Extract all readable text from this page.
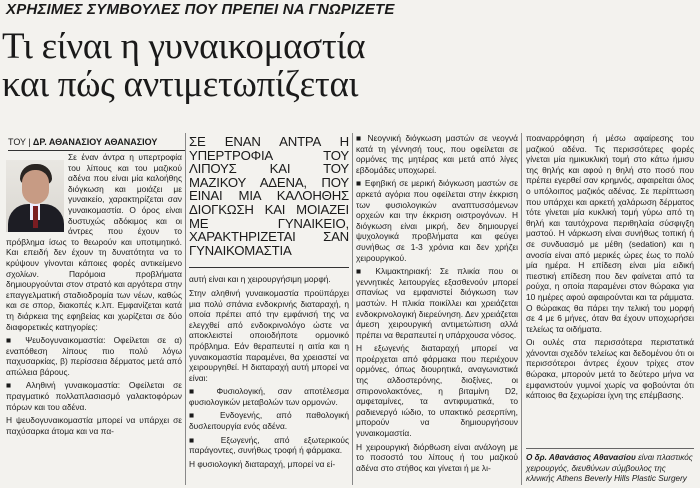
ΧΡΗΣΙΜΕΣ ΣΥΜΒΟΥΛΕΣ ΠΟΥ ΠΡΕΠΕΙ ΝΑ ΓΝΩΡΙΖΕΤΕ
Τι είναι η γυναικομαστία
και πώς αντιμετωπίζεται
ΤΟΥ | ΔΡ. ΑΘΑΝΑΣΙΟΥ ΑΘΑΝΑΣΙΟΥ

Σε έναν άντρα η υπερτροφία του λίπους και του μαζικού αδένα που είναι μία καλοήθης διόγκωση και μοιάζει με γυναικείο, χαρακτηρίζεται σαν γυναικομαστία. Ο όρος είναι δυστυχώς αδόκιμος και οι άντρες που έχουν το πρόβλημα ίσως το θεωρούν και υποτιμητικό. Και επειδή δεν έχουν τη δυνατότητα να το κρύψουν γίνονται κάποιες φορές αντικείμενο σχολίων. Παρόμοια προβλήματα δημιουργούνται στον στρατό και αργότερα στην επαγγελματική σταδιοδρομία των νέων, καθώς και σε σπορ, διακοπές κ.λπ. Εμφανίζεται κατά τη διάρκεια της εφηβείας και χωρίζεται σε δύο διαφορετικές κατηγορίες:

■ Ψευδογυναικομαστία: Οφείλεται σε α) εναπόθεση λίπους πιο πολύ λόγω παχυσαρκίας, β) περίσσεια δέρματος μετά από απώλεια βάρους.

■ Αληθινή γυναικομαστία: Οφείλεται σε πραγματικό πολλαπλασιασμό γαλακτοφόρων πόρων και του αδένα.

Η ψευδογυναικομαστία μπορεί να υπάρχει σε παχύσαρκα άτομα και να πα-

ΣΕ ΕΝΑΝ ΑΝΤΡΑ Η ΥΠΕΡΤΡΟΦΙΑ ΤΟΥ ΛΙΠΟΥΣ ΚΑΙ ΤΟΥ ΜΑΖΙΚΟΥ ΑΔΕΝΑ, ΠΟΥ ΕΙΝΑΙ ΜΙΑ ΚΑΛΟΗΘΗΣ ΔΙΟΓΚΩΣΗ ΚΑΙ ΜΟΙΑΖΕΙ ΜΕ ΓΥΝΑΙΚΕΙΟ, ΧΑΡΑΚΤΗΡΙΖΕΤΑΙ ΣΑΝ ΓΥΝΑΙΚΟΜΑΣΤΙΑ

αυτή είναι και η χειρουργήσιμη μορφή.

Στην αληθινή γυναικομαστία προϋπάρχει μια πολύ σπάνια ενδοκρινής διαταραχή, η οποία πρέπει από την εμφάνισή της να ελεγχθεί από ενδοκρινολόγο ώστε να αποκλειστεί οποιοδήποτε ορμονικό πρόβλημα. Εάν θεραπευτεί η αιτία και η γυναικομαστία παραμένει, θα χρειαστεί να χειρουργηθεί. Η διαταραχή αυτή μπορεί να είναι:

■ Φυσιολογική, σαν αποτέλεσμα φυσιολογικών μεταβολών των ορμονών.

■ Ενδογενής, από παθολογική δυσλειτουργία ενός αδένα.

■ Εξωγενής, από εξωτερικούς παράγοντες, συνήθως τροφή ή φάρμακα.

Η φυσιολογική διαταραχή, μπορεί να εί-

■ Νεογνική διόγκωση μαστών σε νεογνά κατά τη γέννησή τους, που οφείλεται σε ορμόνες της μητέρας και μετά από λίγες εβδομάδες υποχωρεί.

■ Εφηβική σε μερική διόγκωση μαστών σε αρκετά αγόρια που οφείλεται στην έκκριση των φυσιολογικών αναπτυσσόμενων ορχεών και την έκκριση οιστρογόνων. Η διόγκωση είναι μικρή, δεν δημιουργεί ψυχολογικά προβλήματα και φεύγει συνήθως σε 1-3 χρόνια και δεν χρήζει χειρουργικού.

■ Κλιμακτηριακή: Σε πλικία που οι γεννητικές λειτουργίες εξασθενούν μπορεί σπανίως να εμφανιστεί διόγκωση των μαστών. Η πλικία ποικίλλει και χρειάζεται ενδοκρινολογική διερεύνηση. Δεν χρειάζεται άμεση χειρουργική αντιμετώπιση αλλά πρέπει να θεραπευτεί η υπάρχουσα νόσος.

Η εξωγενής διαταραχή μπορεί να προέρχεται από φάρμακα που περιέχουν ορμόνες, όπως διουρητικά, αναγωνιστικά της αλδοστερόνης, διοξίνες, οι σπιρονολακτόνες, η βιταμίνη D2, αμφεταμίνες, τα αντιφυματικά, το ραδιενεργό ιώδιο, το υπακτικό ρεσερπίνη, μπορούν να δημιουργήσουν γυναικομαστία.

Η χειρουργική διόρθωση είναι ανάλογη με το ποσοστό του λίπους ή του μαζικού αδένα στο στήθος και γίνεται ή με λι-

ποαναρρόφηση ή μέσω αφαίρεσης του μαζικού αδένα. Τις περισσότερες φορές γίνεται μία ημικυκλική τομή στο κάτω ήμισυ της θηλής και αφού η θηλή στο ποσό που πρέπει εγερθεί σαν κρημνός, αφαιρείται όλος ο υπόλοιπος μαζικός αδένας. Σε περίπτωση που υπάρχει και αρκετή χαλάρωση δέρματος τότε γίνεται μία κυκλική τομή γύρω από τη θηλή και ταυτόχρονα περιθηλαία σύσφιγξη μαστού. Η νάρκωση είναι συνήθως τοπική ή σε συνδυασμό με μέθη (sedation) και η ανοσία είναι από μερικές ώρες έως το πολύ μία ημέρα. Η επίδεση είναι μία ειδική πιεστική επίδεση που δεν φαίνεται από τα ρούχα, η οποία παραμένει στον θώρακα για 10 ημέρες αφού αφαιρούνται και τα ράμματα. Ο θώρακας θα πάρει την τελική του μορφή σε 4 με 6 μήνες, όταν θα έχουν υποχωρήσει τελείως τα οιδήματα.

Οι ουλές στα περισσότερα περιστατικά χάνονται σχεδόν τελείως και δεδομένου ότι οι περισσότεροι άντρες έχουν τρίχες στον θώρακα, μπορούν μετά το δεύτερο μήνα να εμφανιστούν γυμνοί χωρίς να φοβούνται ότι κάποιος θα ξεχωρίσει ίχνη της επέμβασης.

Ο δρ. Αθανάσιος Αθανασίου είναι πλαστικός χειρουργός, διευθύνων σύμβουλος της κλινικής Athens Beverly Hills Plastic Surgery
